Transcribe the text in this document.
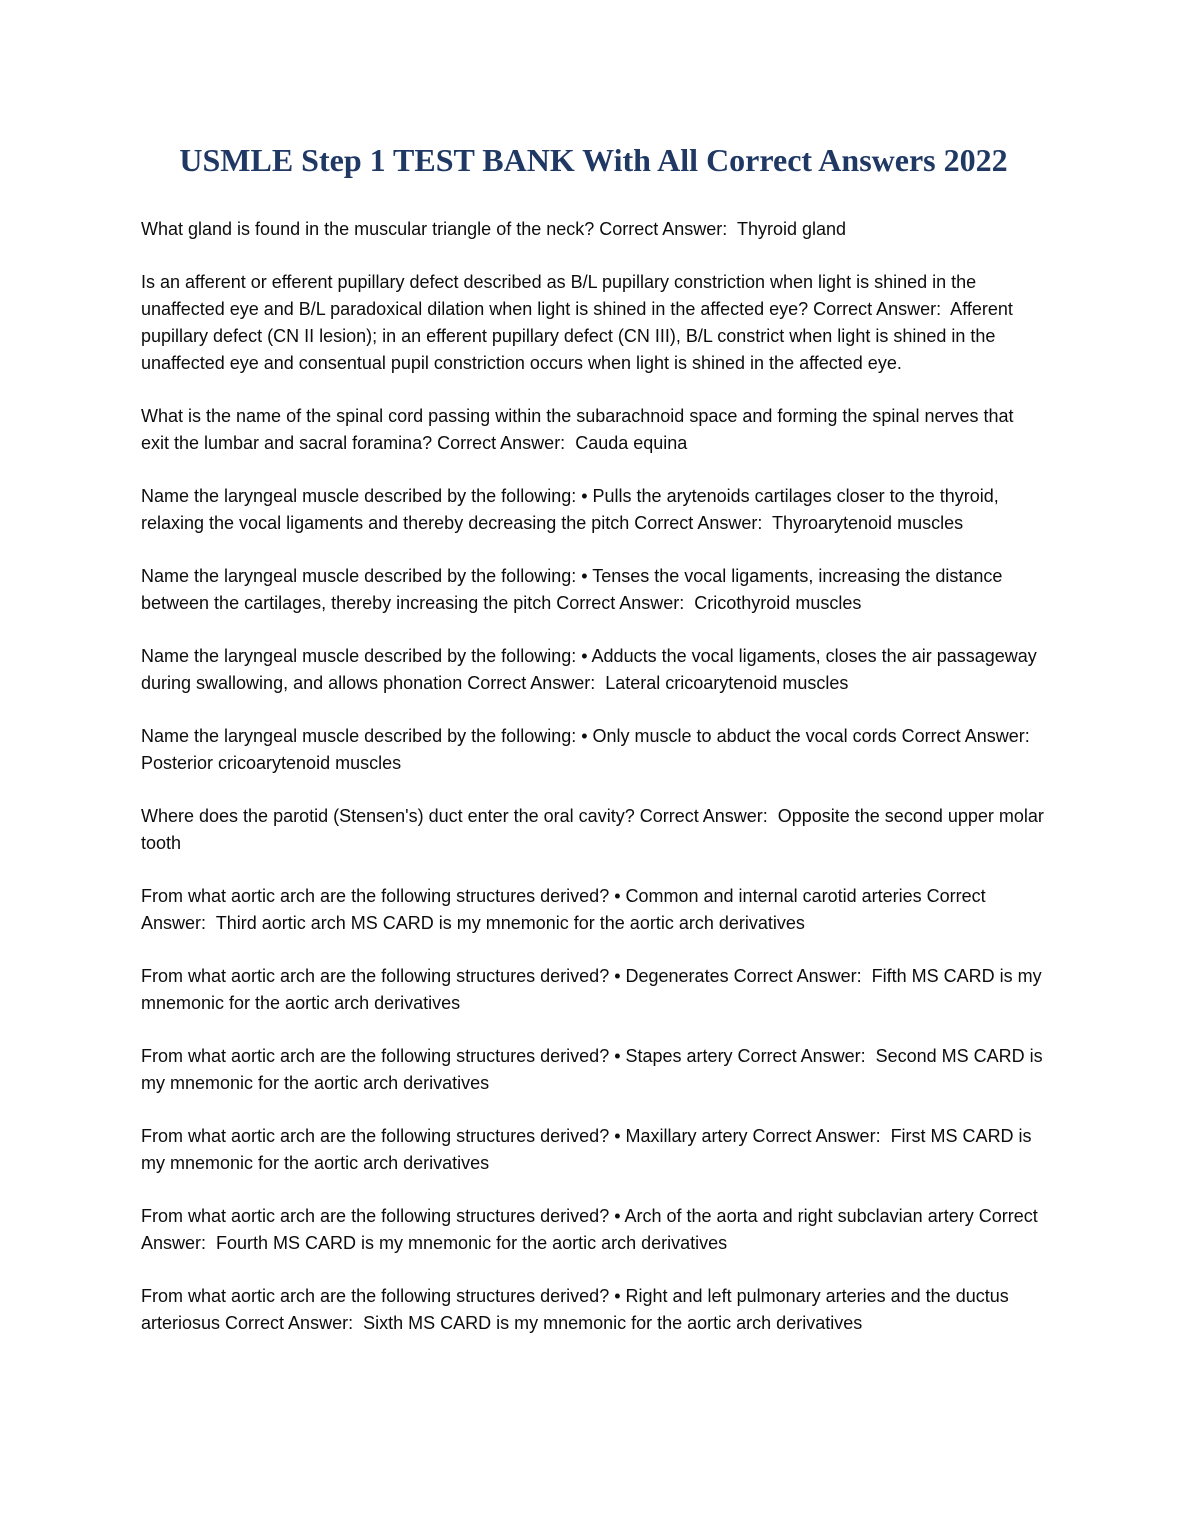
USMLE Step 1 TEST BANK With All Correct Answers 2022

What gland is found in the muscular triangle of the neck? Correct Answer:  Thyroid gland

Is an afferent or efferent pupillary defect described as B/L pupillary constriction when light is shined in the unaffected eye and B/L paradoxical dilation when light is shined in the affected eye? Correct Answer:  Afferent pupillary defect (CN II lesion); in an efferent pupillary defect (CN III), B/L constrict when light is shined in the unaffected eye and consentual pupil constriction occurs when light is shined in the affected eye.

What is the name of the spinal cord passing within the subarachnoid space and forming the spinal nerves that exit the lumbar and sacral foramina? Correct Answer:  Cauda equina

Name the laryngeal muscle described by the following: • Pulls the arytenoids cartilages closer to the thyroid, relaxing the vocal ligaments and thereby decreasing the pitch Correct Answer:  Thyroarytenoid muscles

Name the laryngeal muscle described by the following: • Tenses the vocal ligaments, increasing the distance between the cartilages, thereby increasing the pitch Correct Answer:  Cricothyroid muscles

Name the laryngeal muscle described by the following: • Adducts the vocal ligaments, closes the air passageway during swallowing, and allows phonation Correct Answer:  Lateral cricoarytenoid muscles

Name the laryngeal muscle described by the following: • Only muscle to abduct the vocal cords Correct Answer:  Posterior cricoarytenoid muscles

Where does the parotid (Stensen's) duct enter the oral cavity? Correct Answer:  Opposite the second upper molar tooth

From what aortic arch are the following structures derived? • Common and internal carotid arteries Correct Answer:  Third aortic arch MS CARD is my mnemonic for the aortic arch derivatives

From what aortic arch are the following structures derived? • Degenerates Correct Answer:  Fifth MS CARD is my mnemonic for the aortic arch derivatives

From what aortic arch are the following structures derived? • Stapes artery Correct Answer:  Second MS CARD is my mnemonic for the aortic arch derivatives

From what aortic arch are the following structures derived? • Maxillary artery Correct Answer:  First MS CARD is my mnemonic for the aortic arch derivatives

From what aortic arch are the following structures derived? • Arch of the aorta and right subclavian artery Correct Answer:  Fourth MS CARD is my mnemonic for the aortic arch derivatives

From what aortic arch are the following structures derived? • Right and left pulmonary arteries and the ductus arteriosus Correct Answer:  Sixth MS CARD is my mnemonic for the aortic arch derivatives
